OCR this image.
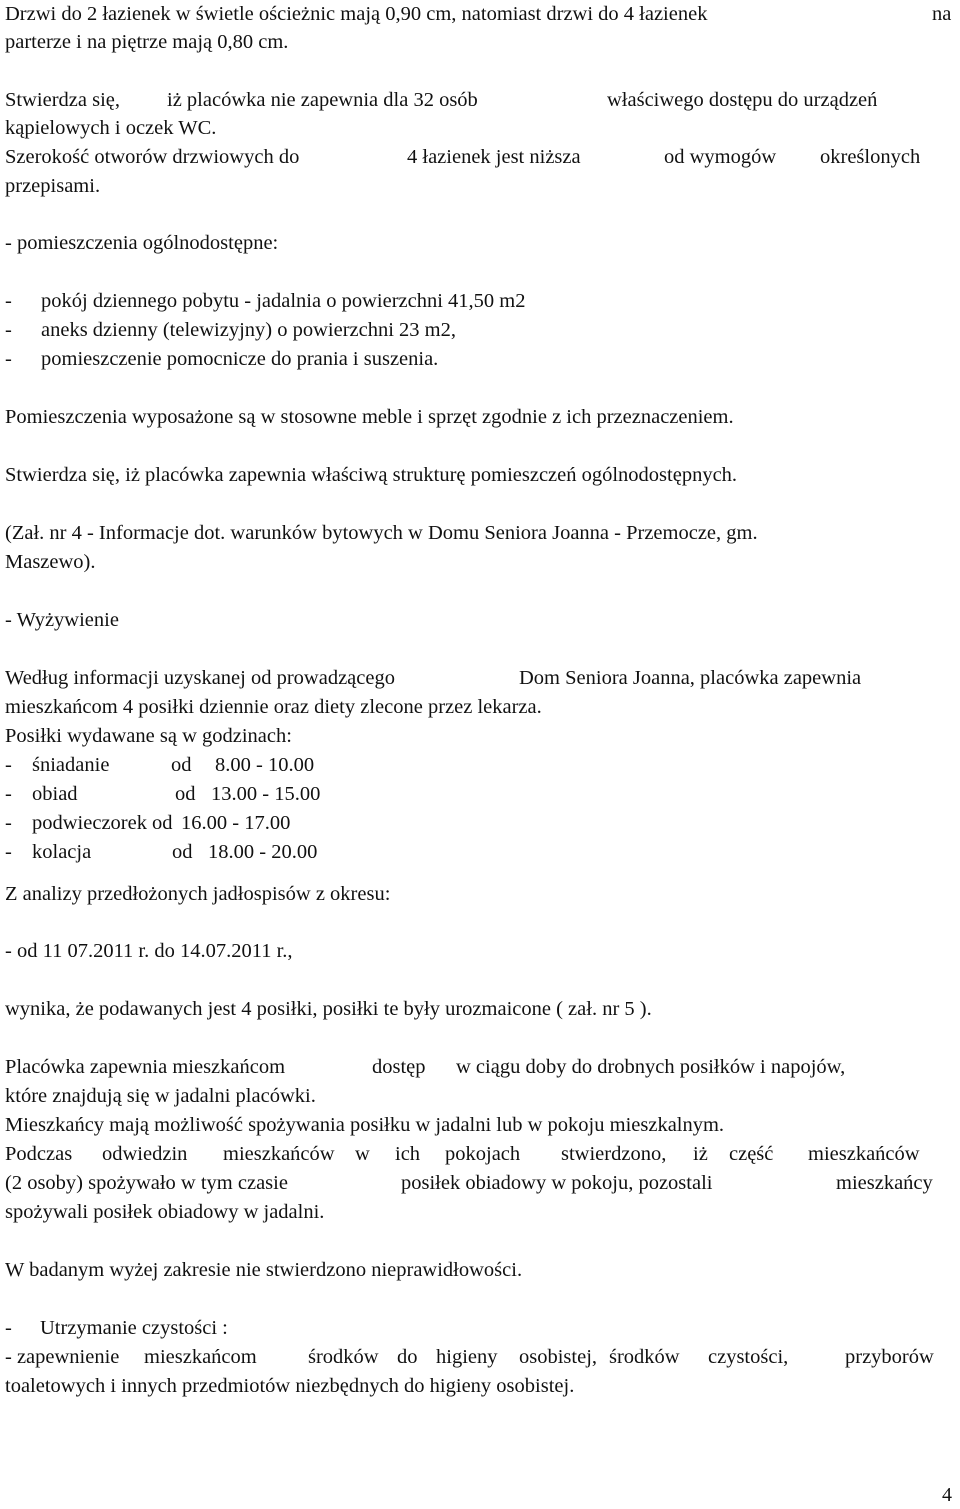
Drzwi do 2 łazienek w świetle ościeżnic mają 0,90 cm, natomiast drzwi do 4 łazienek	na
parterze i na piętrze mają 0,80 cm.
Stwierdza się, iż placówka nie zapewnia dla 32 osób	właściwego dostępu do urządzeń
kąpielowych i oczek WC.
Szerokość otworów drzwiowych do	4 łazienek jest niższa	od wymogów określonych
przepisami.
- pomieszczenia ogólnodostępne:
- pokój dziennego pobytu - jadalnia o powierzchni 41,50 m2
- aneks dzienny (telewizyjny) o powierzchni 23 m2,
- pomieszczenie pomocnicze do prania i suszenia.
Pomieszczenia wyposażone są w stosowne meble i sprzęt zgodnie z ich przeznaczeniem.
Stwierdza się, iż placówka zapewnia właściwą strukturę pomieszczeń ogólnodostępnych.
(Zał. nr 4 - Informacje dot. warunków bytowych w Domu Seniora Joanna - Przemocze, gm.
Maszewo).
- Wyżywienie
Według informacji uzyskanej od prowadzącego	Dom Seniora Joanna, placówka zapewnia
mieszkańcom 4 posiłki dziennie oraz diety zlecone przez lekarza.
Posiłki wydawane są w godzinach:
- śniadanie	od 8.00 - 10.00
- obiad	od 13.00 - 15.00
- podwieczorek od 16.00 - 17.00
- kolacja	od 18.00 - 20.00
Z analizy przedłożonych jadłospisów z okresu:
- od 11 07.2011 r. do 14.07.2011 r.,
wynika, że podawanych jest 4 posiłki, posiłki te były urozmaicone ( zał. nr 5 ).
Placówka zapewnia mieszkańcom	dostęp w ciągu doby do drobnych posiłków i napojów,
które znajdują się w jadalni placówki.
Mieszkańcy mają możliwość spożywania posiłku w jadalni lub w pokoju mieszkalnym.
Podczas odwiedzin mieszkańców w ich pokojach stwierdzono, iż część mieszkańców
(2 osoby) spożywało w tym czasie	posiłek obiadowy w pokoju, pozostali	mieszkańcy
spożywali posiłek obiadowy w jadalni.
W badanym wyżej zakresie nie stwierdzono nieprawidłowości.
- Utrzymanie czystości :
- zapewnienie mieszkańcom	środków do higieny osobistej, środków czystości,	przyborów
toaletowych i innych przedmiotów niezbędnych do higieny osobistej.
4
